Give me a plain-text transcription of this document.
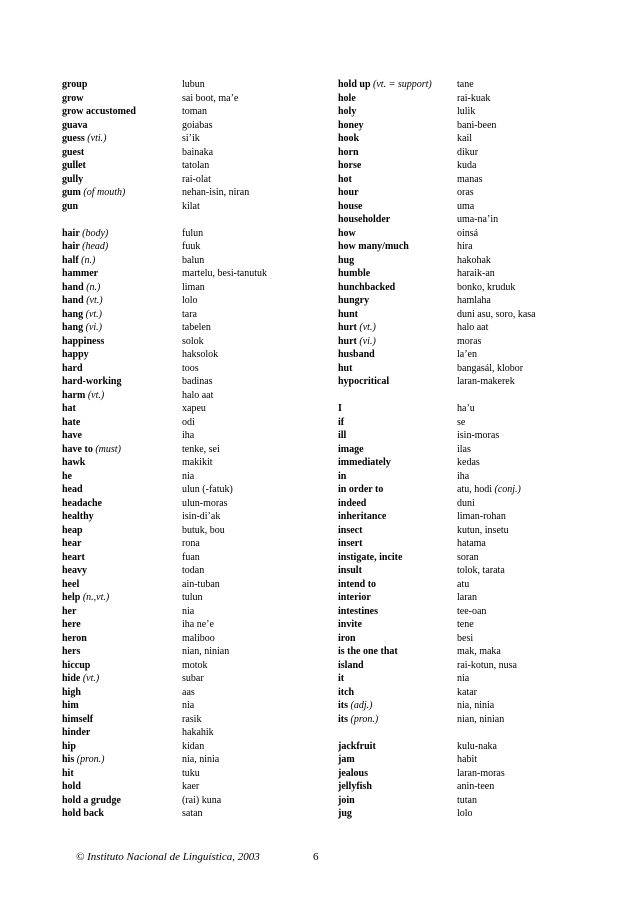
group	lubun
grow	sai boot, ma’e
grow accustomed	toman
guava	goiabas
guess (vti.)	si’ik
guest	bainaka
gullet	tatolan
gully	rai-olat
gum (of mouth)	nehan-isin, niran
gun	kilat
hair (body)	fulun
hair (head)	fuuk
half (n.)	balun
hammer	martelu, besi-tanutuk
hand (n.)	liman
hand (vt.)	lolo
hang (vt.)	tara
hang (vi.)	tabelen
happiness	solok
happy	haksolok
hard	toos
hard-working	badinas
harm (vt.)	halo aat
hat	xapeu
hate	odi
have	iha
have to (must)	tenke, sei
hawk	makikit
he	nia
head	ulun (-fatuk)
headache	ulun-moras
healthy	isin-di’ak
heap	butuk, bou
hear	rona
heart	fuan
heavy	todan
heel	ain-tuban
help (n.,vt.)	tulun
her	nia
here	iha ne’e
heron	maliboo
hers	nian, ninian
hiccup	motok
hide (vt.)	subar
high	aas
him	nia
himself	rasik
hinder	hakahik
hip	kidan
his (pron.)	nia, ninia
hit	tuku
hold	kaer
hold a grudge	(rai) kuna
hold back	satan
hold up (vt. = support)	tane
hole	rai-kuak
holy	lulik
honey	bani-been
hook	kail
horn	dikur
horse	kuda
hot	manas
hour	oras
house	uma
householder	uma-na’in
how	oinsá
how many/much	hira
hug	hakohak
humble	haraik-an
hunchbacked	bonko, kruduk
hungry	hamlaha
hunt	duni asu, soro, kasa
hurt (vt.)	halo aat
hurt (vi.)	moras
husband	la’en
hut	bangasál, klobor
hypocritical	laran-makerek
I	ha’u
if	se
ill	isin-moras
image	ilas
immediately	kedas
in	iha
in order to	atu, hodi (conj.)
indeed	duni
inheritance	liman-rohan
insect	kutun, insetu
insert	hatama
instigate, incite	soran
insult	tolok, tarata
intend to	atu
interior	laran
intestines	tee-oan
invite	tene
iron	besi
is the one that	mak, maka
island	rai-kotun, nusa
it	nia
itch	katar
its (adj.)	nia, ninia
its (pron.)	nian, ninian
jackfruit	kulu-naka
jam	habit
jealous	laran-moras
jellyfish	anin-teen
join	tutan
jug	lolo
© Instituto Nacional de Linguística, 2003	6
